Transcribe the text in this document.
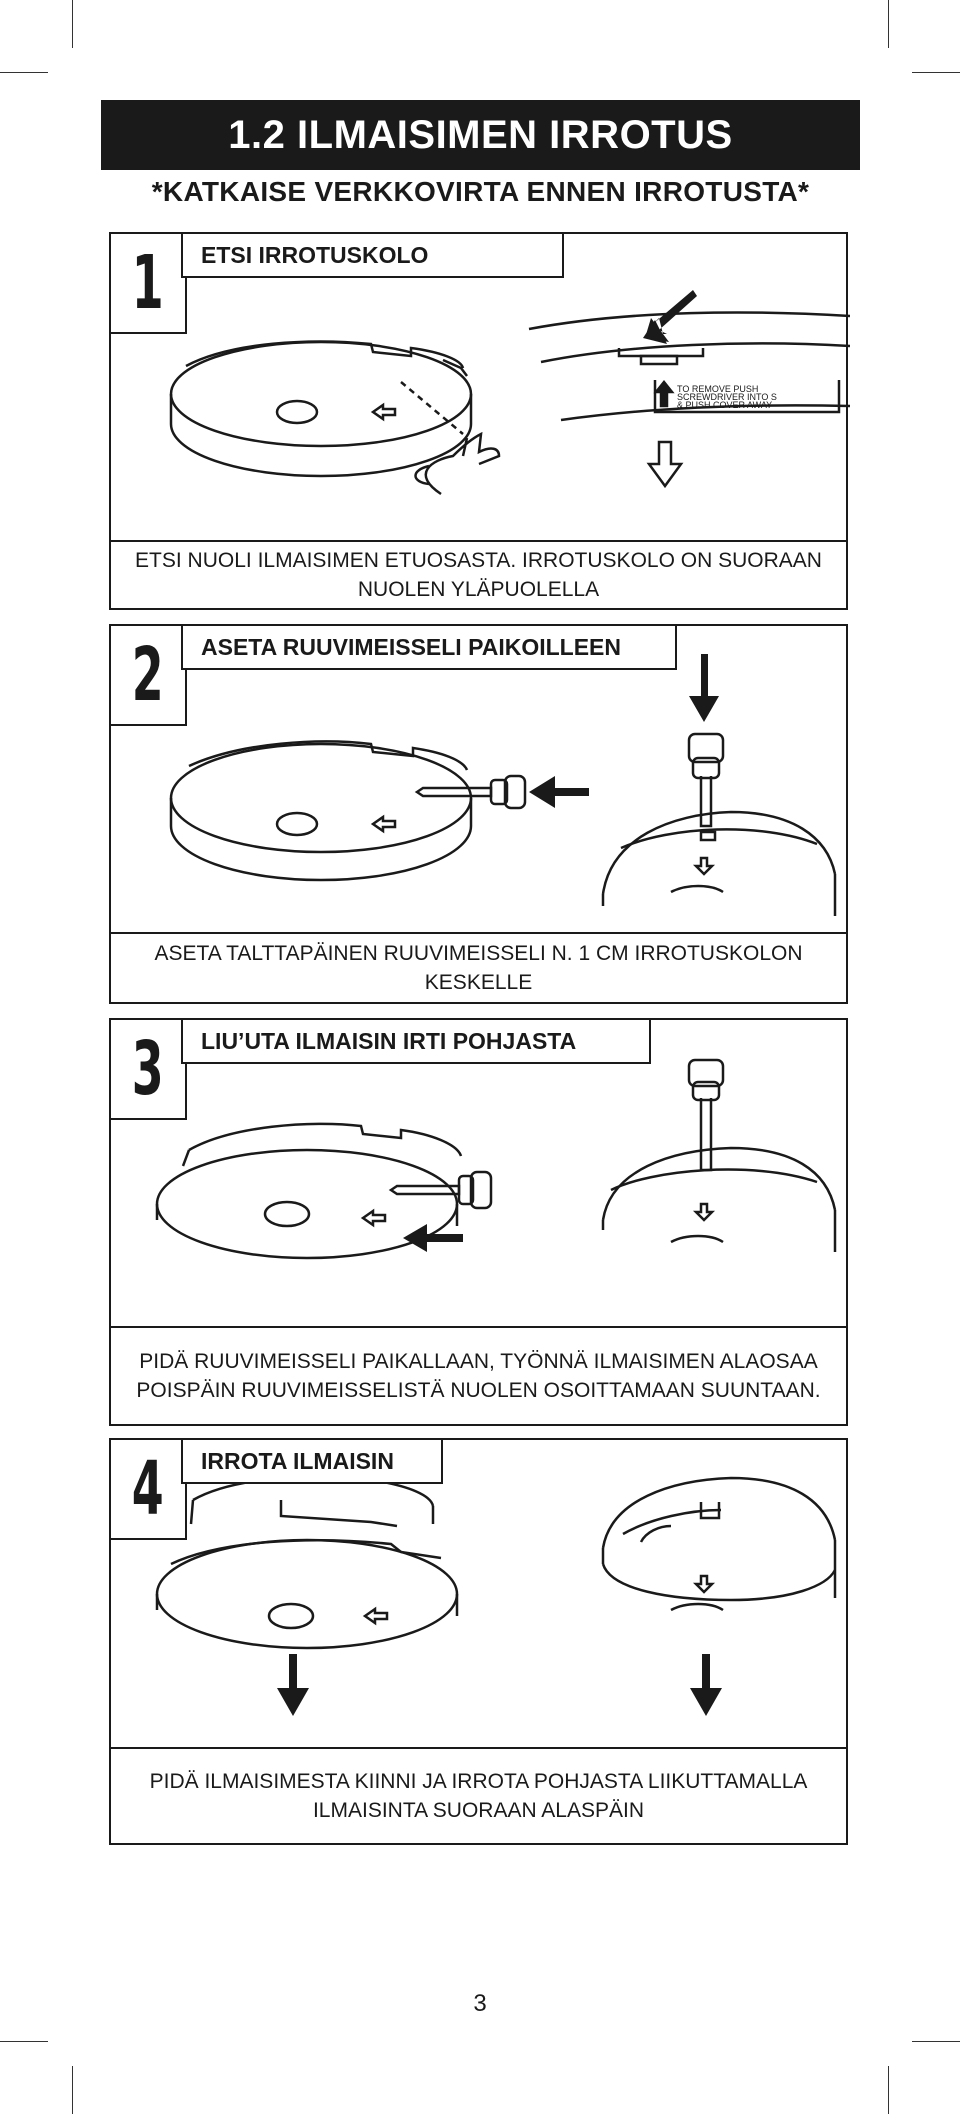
1.2 ILMAISIMEN IRROTUS
*KATKAISE VERKKOVIRTA ENNEN IRROTUSTA*
TO REMOVE PUSH
SCREWDRIVER INTO S
& PUSH COVER AWAY
1	ETSI IRROTUSKOLO
ETSI NUOLI ILMAISIMEN ETUOSASTA. IRROTUSKOLO ON SUORAAN NUOLEN YLÄPUOLELLA
2	ASETA RUUVIMEISSELI PAIKOILLEEN
ASETA TALTTAPÄINEN RUUVIMEISSELI N. 1 CM IRROTUSKOLON KESKELLE
3	LIU’UTA ILMAISIN IRTI POHJASTA
PIDÄ RUUVIMEISSELI PAIKALLAAN, TYÖNNÄ ILMAISIMEN ALAOSAA POISPÄIN RUUVIMEISSELISTÄ NUOLEN OSOITTAMAAN SUUNTAAN.
4	IRROTA ILMAISIN
PIDÄ ILMAISIMESTA KIINNI JA IRROTA POHJASTA LIIKUTTAMALLA ILMAISINTA SUORAAN ALASPÄIN
3
